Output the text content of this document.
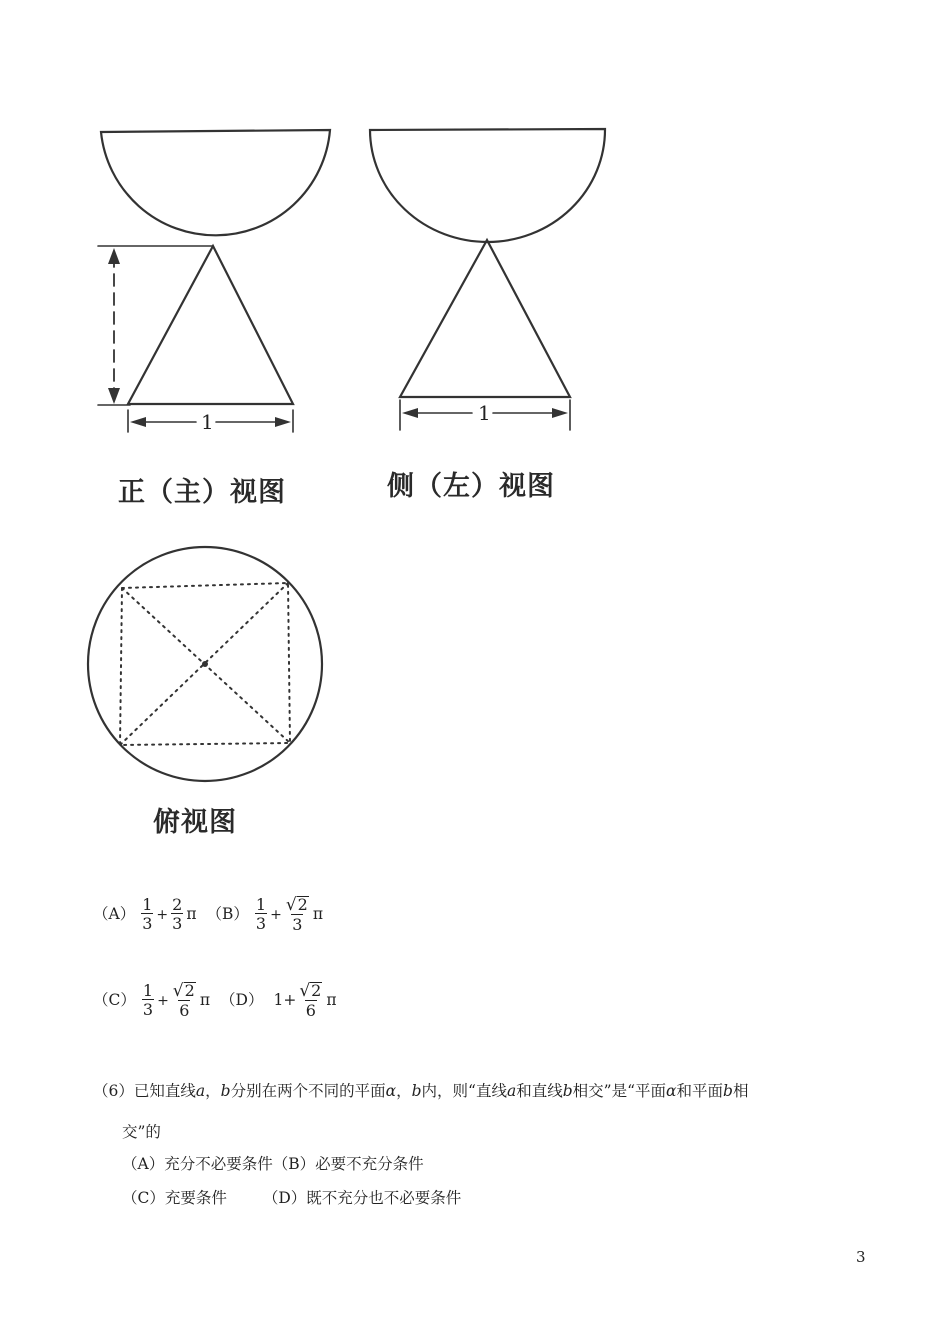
1	1
正（主）视图	侧（左）视图
俯视图
$(A) \frac{1}{3} + \frac{2}{3}$ π $(B) \frac{1}{3} + \frac{√ 2}{3}$ π
$(C) \frac{1}{3} + \frac{√ 2}{6}$ π （D） $1+ \frac{√ 2}{6}$ π
（6）已知直线a，b分别在两个不同的平面α，b内，则“直线a和直线b相交”是“平面α和平面b相
交”的
（A）充分不必要条件（B）必要不充分条件
（C）充要条件 （D）既不充分也不必要条件
3
